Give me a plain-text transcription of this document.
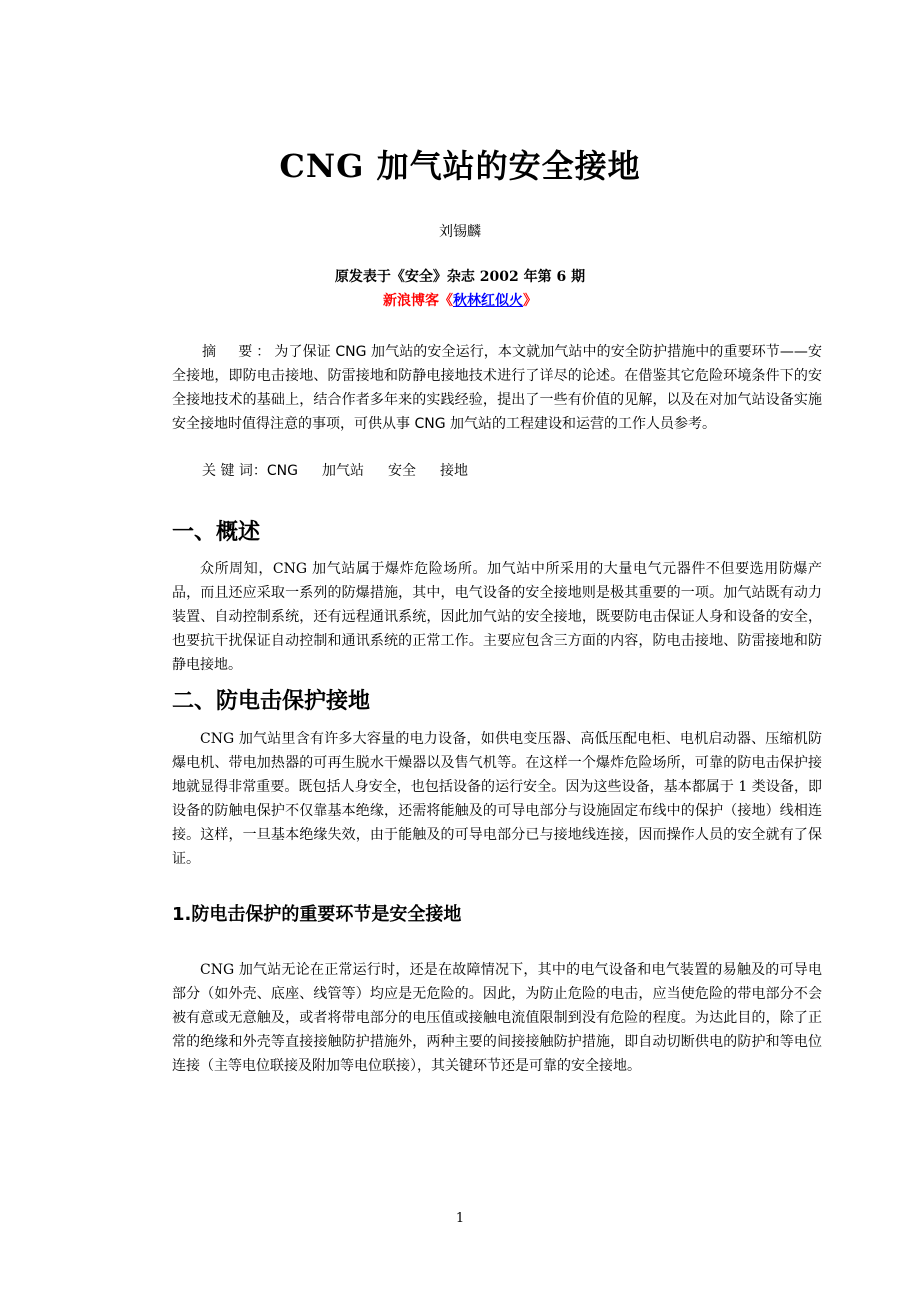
CNG 加气站的安全接地
刘锡麟
原发表于《安全》杂志 2002 年第 6 期
新浪博客《秋林红似火》
摘　要：为了保证 CNG 加气站的安全运行，本文就加气站中的安全防护措施中的重要环节——安全接地，即防电击接地、防雷接地和防静电接地技术进行了详尽的论述。在借鉴其它危险环境条件下的安全接地技术的基础上，结合作者多年来的实践经验，提出了一些有价值的见解，以及在对加气站设备实施安全接地时值得注意的事项，可供从事 CNG 加气站的工程建设和运营的工作人员参考。
关 键 词：CNG 加气站 安全 接地
一、概述
众所周知，CNG 加气站属于爆炸危险场所。加气站中所采用的大量电气元器件不但要选用防爆产品，而且还应采取一系列的防爆措施，其中，电气设备的安全接地则是极其重要的一项。加气站既有动力装置、自动控制系统，还有远程通讯系统，因此加气站的安全接地，既要防电击保证人身和设备的安全，也要抗干扰保证自动控制和通讯系统的正常工作。主要应包含三方面的内容，防电击接地、防雷接地和防静电接地。
二、防电击保护接地
CNG 加气站里含有许多大容量的电力设备，如供电变压器、高低压配电柜、电机启动器、压缩机防爆电机、带电加热器的可再生脱水干燥器以及售气机等。在这样一个爆炸危险场所，可靠的防电击保护接地就显得非常重要。既包括人身安全，也包括设备的运行安全。因为这些设备，基本都属于 1 类设备，即设备的防触电保护不仅靠基本绝缘，还需将能触及的可导电部分与设施固定布线中的保护（接地）线相连接。这样，一旦基本绝缘失效，由于能触及的可导电部分已与接地线连接，因而操作人员的安全就有了保证。
1.防电击保护的重要环节是安全接地
CNG 加气站无论在正常运行时，还是在故障情况下，其中的电气设备和电气装置的易触及的可导电部分（如外壳、底座、线管等）均应是无危险的。因此，为防止危险的电击，应当使危险的带电部分不会被有意或无意触及，或者将带电部分的电压值或接触电流值限制到没有危险的程度。为达此目的，除了正常的绝缘和外壳等直接接触防护措施外，两种主要的间接接触防护措施，即自动切断供电的防护和等电位连接（主等电位联接及附加等电位联接），其关键环节还是可靠的安全接地。
1
